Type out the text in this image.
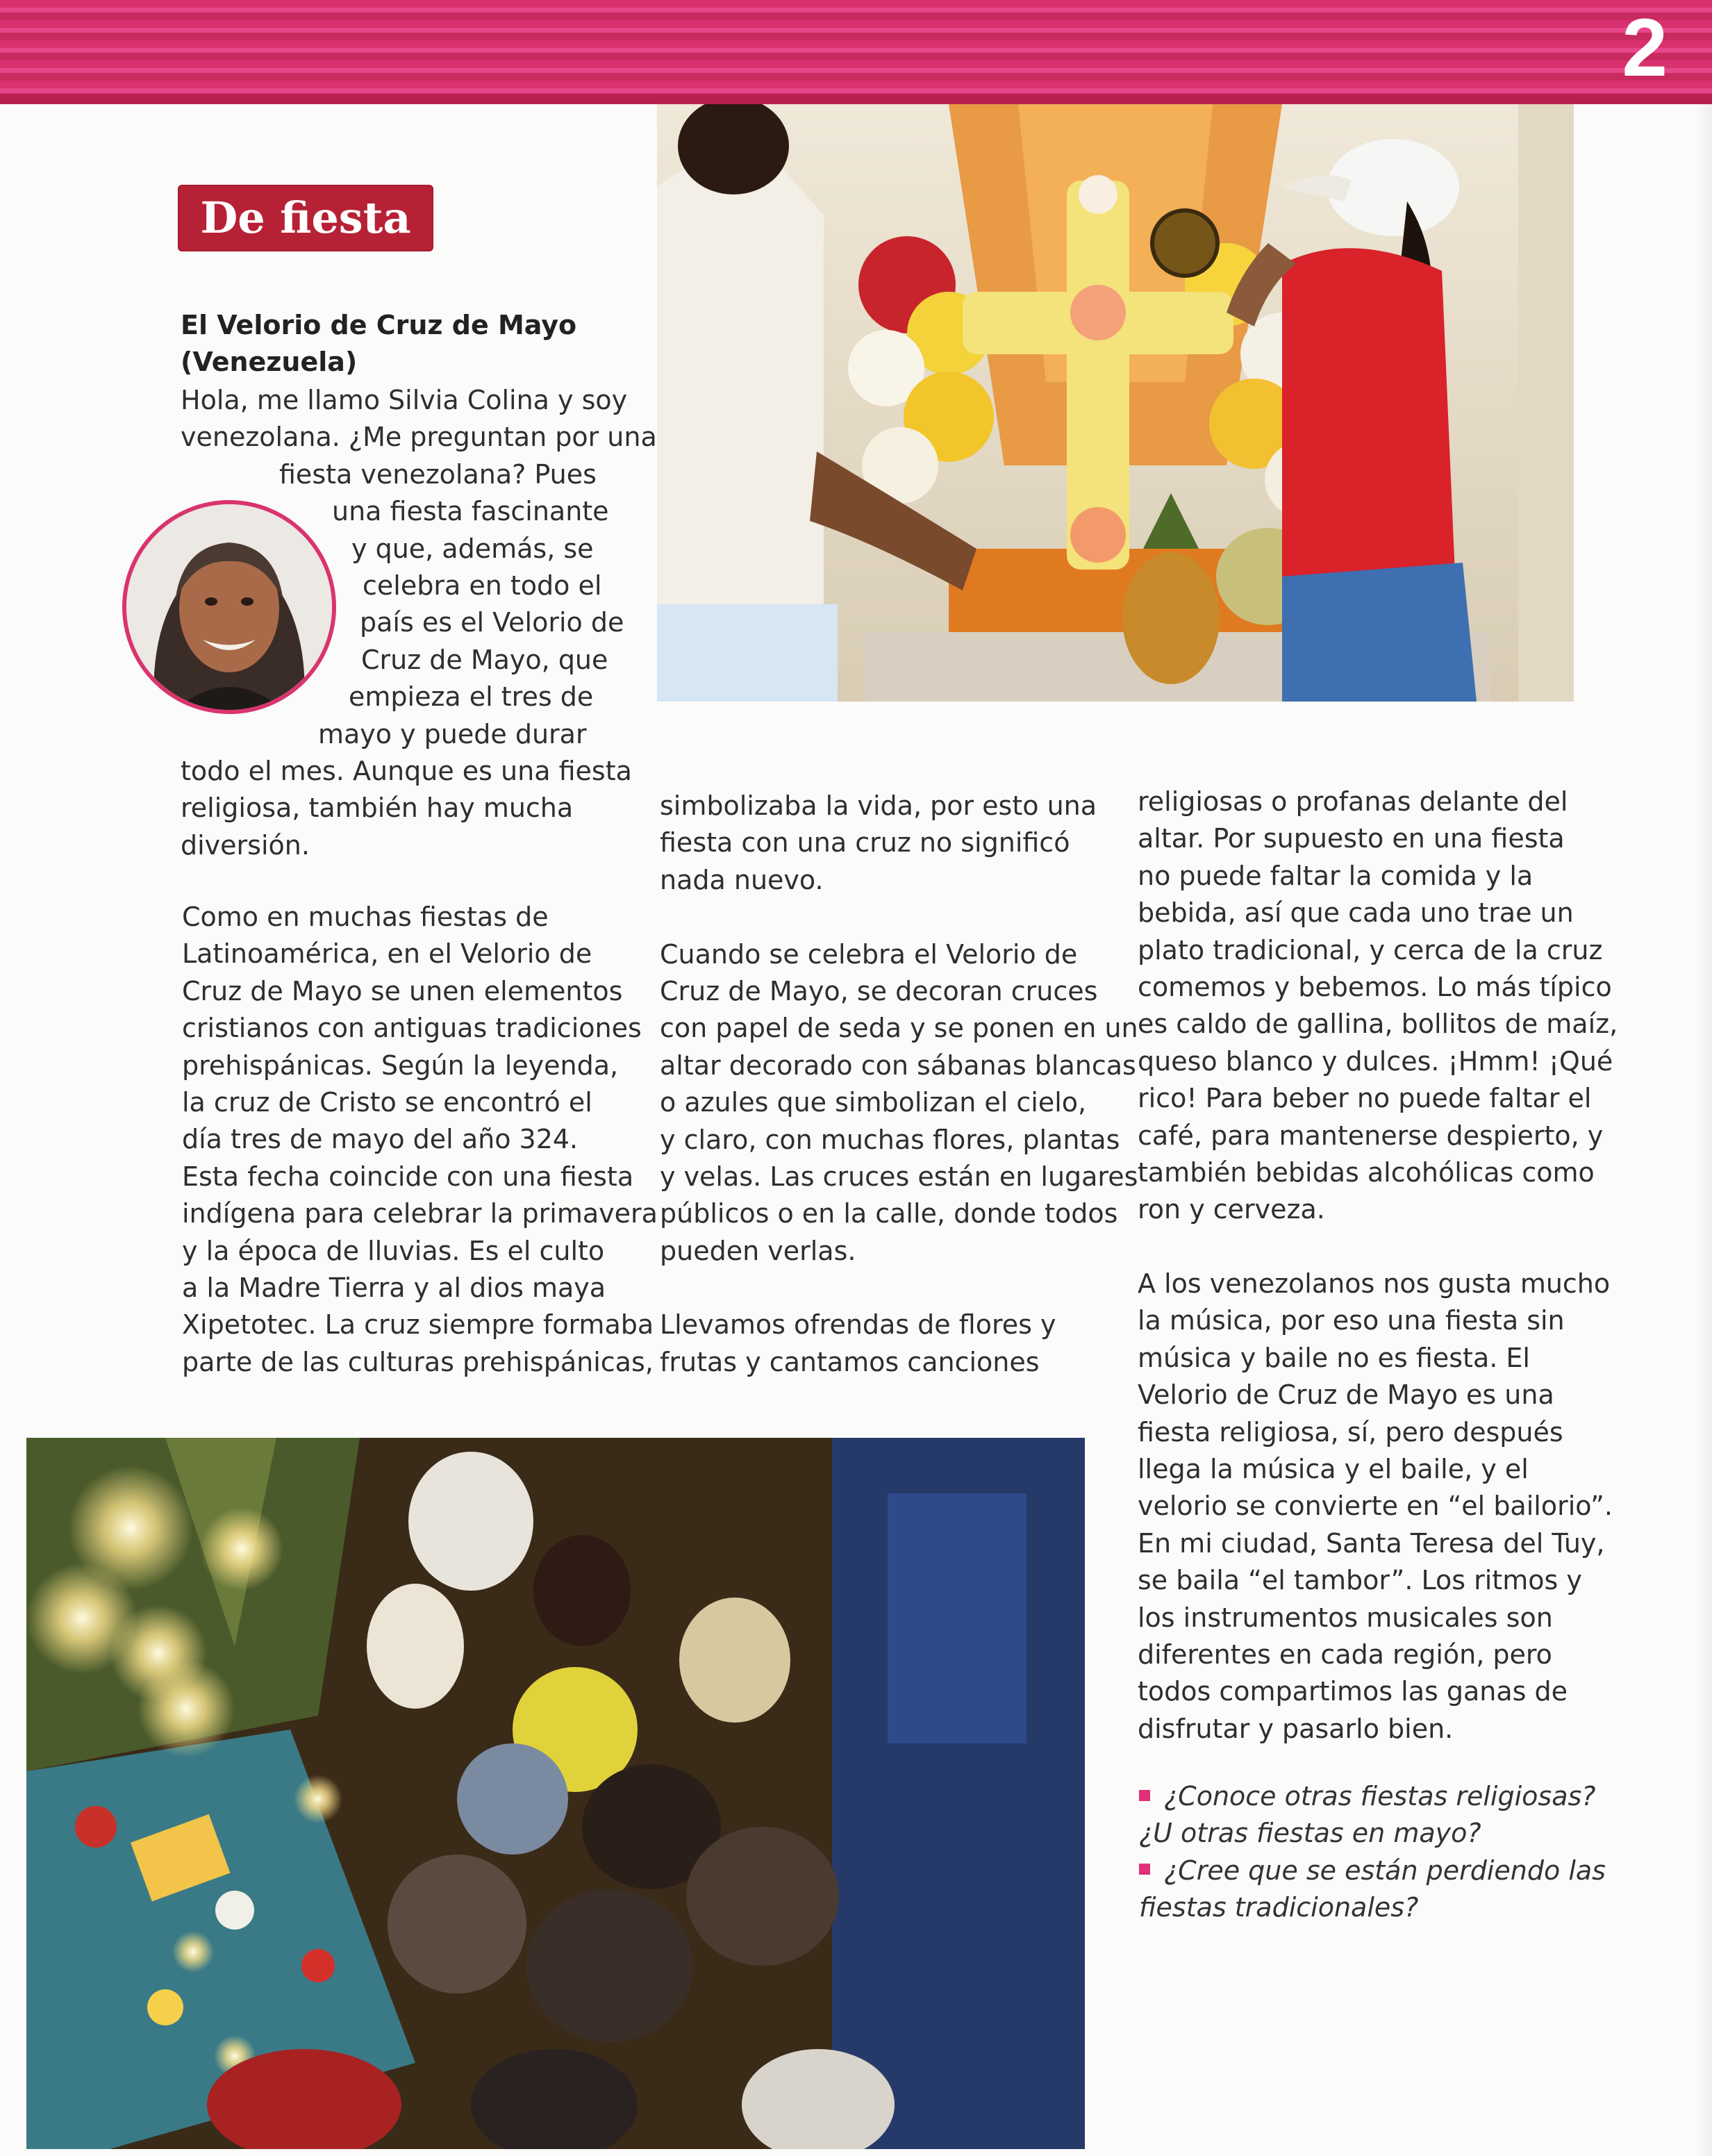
2
De fiesta
El Velorio de Cruz de Mayo
(Venezuela)
Hola, me llamo Silvia Colina y soy
venezolana. ¿Me preguntan por una
fiesta venezolana? Pues
una fiesta fascinante
y que, además, se
celebra en todo el
país es el Velorio de
Cruz de Mayo, que
empieza el tres de
mayo y puede durar
todo el mes. Aunque es una fiesta
religiosa, también hay mucha
diversión.
Como en muchas fiestas de
Latinoamérica, en el Velorio de
Cruz de Mayo se unen elementos
cristianos con antiguas tradiciones
prehispánicas. Según la leyenda,
la cruz de Cristo se encontró el
día tres de mayo del año 324.
Esta fecha coincide con una fiesta
indígena para celebrar la primavera
y la época de lluvias. Es el culto
a la Madre Tierra y al dios maya
Xipetotec. La cruz siempre formaba
parte de las culturas prehispánicas,
simbolizaba la vida, por esto una
fiesta con una cruz no significó
nada nuevo.
Cuando se celebra el Velorio de
Cruz de Mayo, se decoran cruces
con papel de seda y se ponen en un
altar decorado con sábanas blancas
o azules que simbolizan el cielo,
y claro, con muchas flores, plantas
y velas. Las cruces están en lugares
públicos o en la calle, donde todos
pueden verlas.
Llevamos ofrendas de flores y
frutas y cantamos canciones
religiosas o profanas delante del
altar. Por supuesto en una fiesta
no puede faltar la comida y la
bebida, así que cada uno trae un
plato tradicional, y cerca de la cruz
comemos y bebemos. Lo más típico
es caldo de gallina, bollitos de maíz,
queso blanco y dulces. ¡Hmm! ¡Qué
rico! Para beber no puede faltar el
café, para mantenerse despierto, y
también bebidas alcohólicas como
ron y cerveza.
A los venezolanos nos gusta mucho
la música, por eso una fiesta sin
música y baile no es fiesta. El
Velorio de Cruz de Mayo es una
fiesta religiosa, sí, pero después
llega la música y el baile, y el
velorio se convierte en “el bailorio”.
En mi ciudad, Santa Teresa del Tuy,
se baila “el tambor”. Los ritmos y
los instrumentos musicales son
diferentes en cada región, pero
todos compartimos las ganas de
disfrutar y pasarlo bien.
¿Conoce otras fiestas religiosas?
¿U otras fiestas en mayo?
¿Cree que se están perdiendo las
fiestas tradicionales?
